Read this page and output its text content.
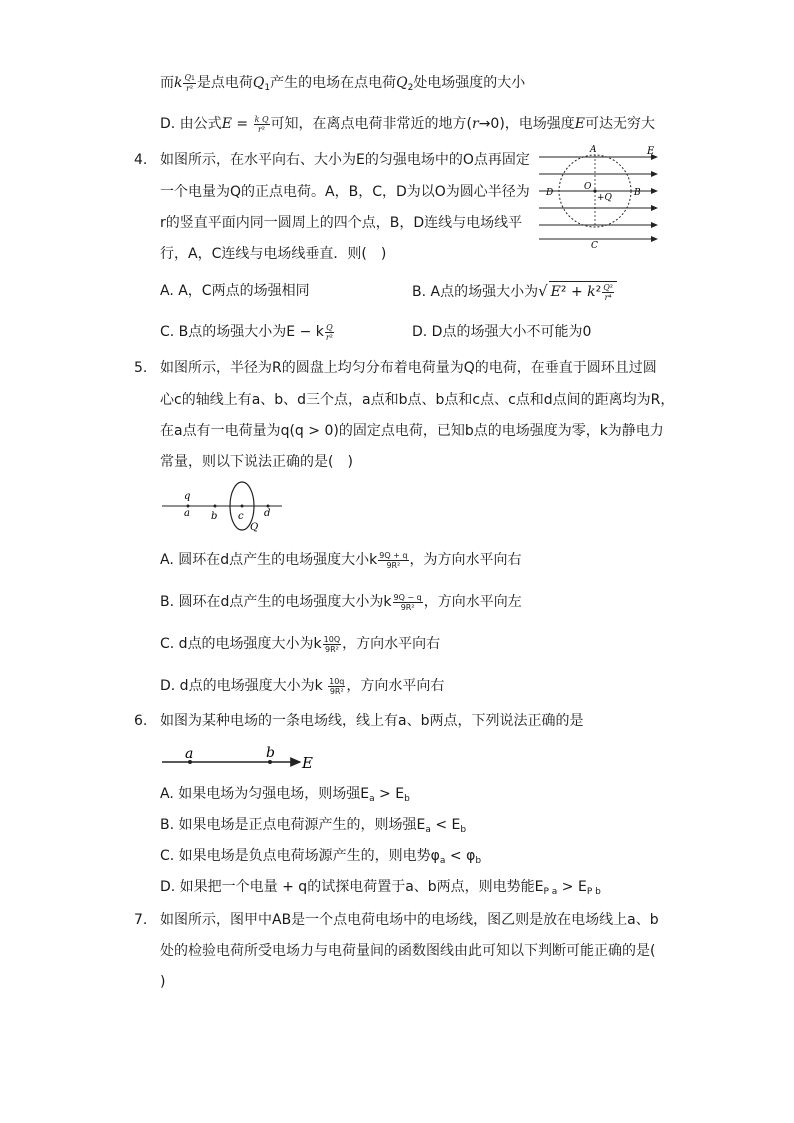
而k $\frac{Q1}{\text{r²}}$ 是点电荷$Q_1$产生的电场在点电荷$Q_2$处电场强度的大小
D. 由公式$E = \frac{\text{k Q}}{\text{r²}}$ 可知，在离点电荷非常近的地方(r→0)，电场强度E可达无穷大
4. 如图所示，在水平向右、大小为E的匀强电场中的O点再固定
一个电量为Q的正点电荷。A，B，C，D为以O为圆心半径为
r的竖直平面内同一圆周上的四个点，B，D连线与电场线平
行，A，C连线与电场线垂直．则(　)
A	E
D
O
+Q B
C
A. A，C两点的场强相同	B. A点的场强大小为√ $E^2 + k^2 \frac{\text{Q²}}{\text{r⁴}}$
C. B点的场强大小为E − k $\frac{Q}{\text{r²}}$	D. D点的场强大小不可能为0
5. 如图所示，半径为R的圆盘上均匀分布着电荷量为Q的电荷，在垂直于圆环且过圆
心c的轴线上有a、b、d三个点，a点和b点、b点和c点、c点和d点间的距离均为R，
在a点有一电荷量为q(q > 0)的固定点电荷，已知b点的电场强度为零，k为静电力
常量，则以下说法正确的是(　)
q
a b c d
Q
A. 圆环在d点产生的电场强度大小k $\frac{9Q + q}{\text{9R²}}$ ，为方向水平向右
B. 圆环在d点产生的电场强度大小为k $\frac{9Q - q}{\text{9R²}}$ ，方向水平向左
C. d点的电场强度大小为k $\frac{10Q}{\text{9R²}}$ ，方向水平向右
D. d点的电场强度大小为k $\frac{10q}{\text{9R²}}$ ，方向水平向右
6. 如图为某种电场的一条电场线，线上有a、b两点，下列说法正确的是
a	b
E
A. 如果电场为匀强电场，则场强$E_a > E_b$
B. 如果电场是正点电荷源产生的，则场强$E_a < E_b$
C. 如果电场是负点电荷场源产生的，则电势$\varphi_a < \varphi_b$
D. 如果把一个电量 + q的试探电荷置于a、b两点，则电势能$E_{P a} > E_{P b}$
7. 如图所示，图甲中AB是一个点电荷电场中的电场线，图乙则是放在电场线上a、b
处的检验电荷所受电场力与电荷量间的函数图线由此可知以下判断可能正确的是(
)
